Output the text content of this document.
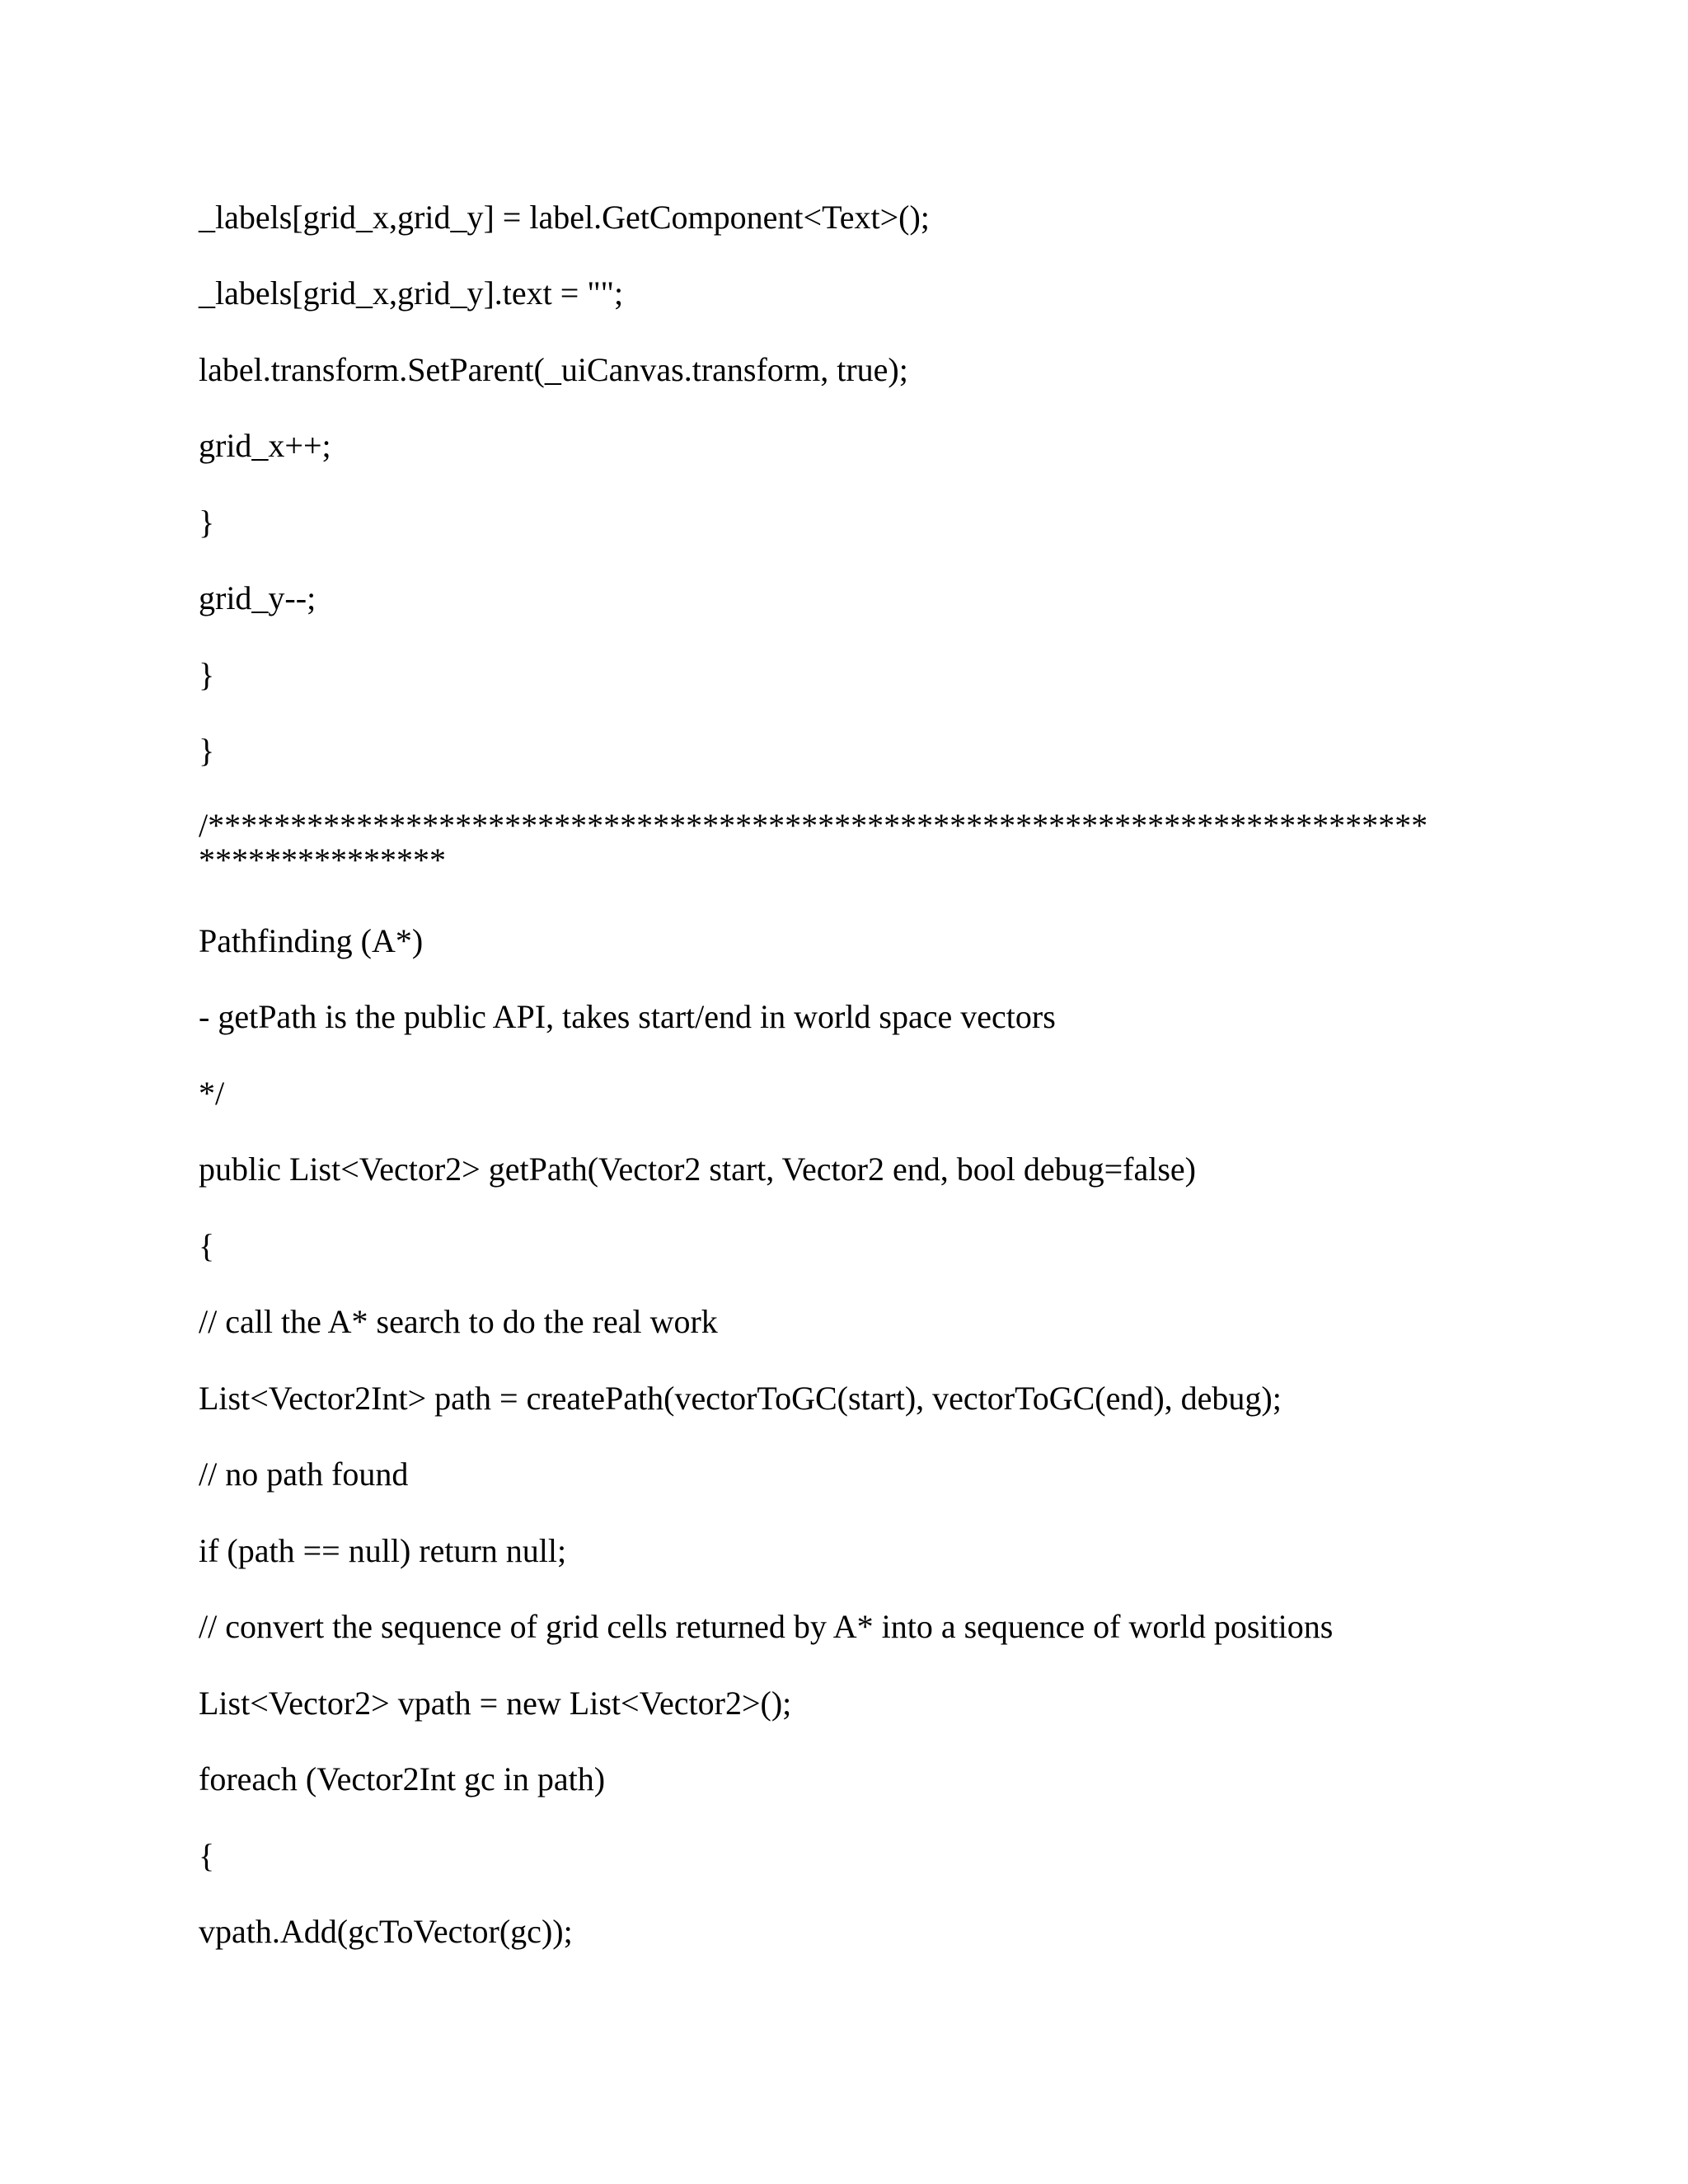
_labels[grid_x,grid_y] = label.GetComponent<Text>();

_labels[grid_x,grid_y].text = "";

label.transform.SetParent(_uiCanvas.transform, true);

grid_x++;

}

grid_y--;

}

}

/**************************************************************************

***************

Pathfinding (A*)

- getPath is the public API, takes start/end in world space vectors

*/

public List<Vector2> getPath(Vector2 start, Vector2 end, bool debug=false)

{

// call the A* search to do the real work

List<Vector2Int> path = createPath(vectorToGC(start), vectorToGC(end), debug);

// no path found

if (path == null) return null;

// convert the sequence of grid cells returned by A* into a sequence of world positions

List<Vector2> vpath = new List<Vector2>();

foreach (Vector2Int gc in path)

{

vpath.Add(gcToVector(gc));
